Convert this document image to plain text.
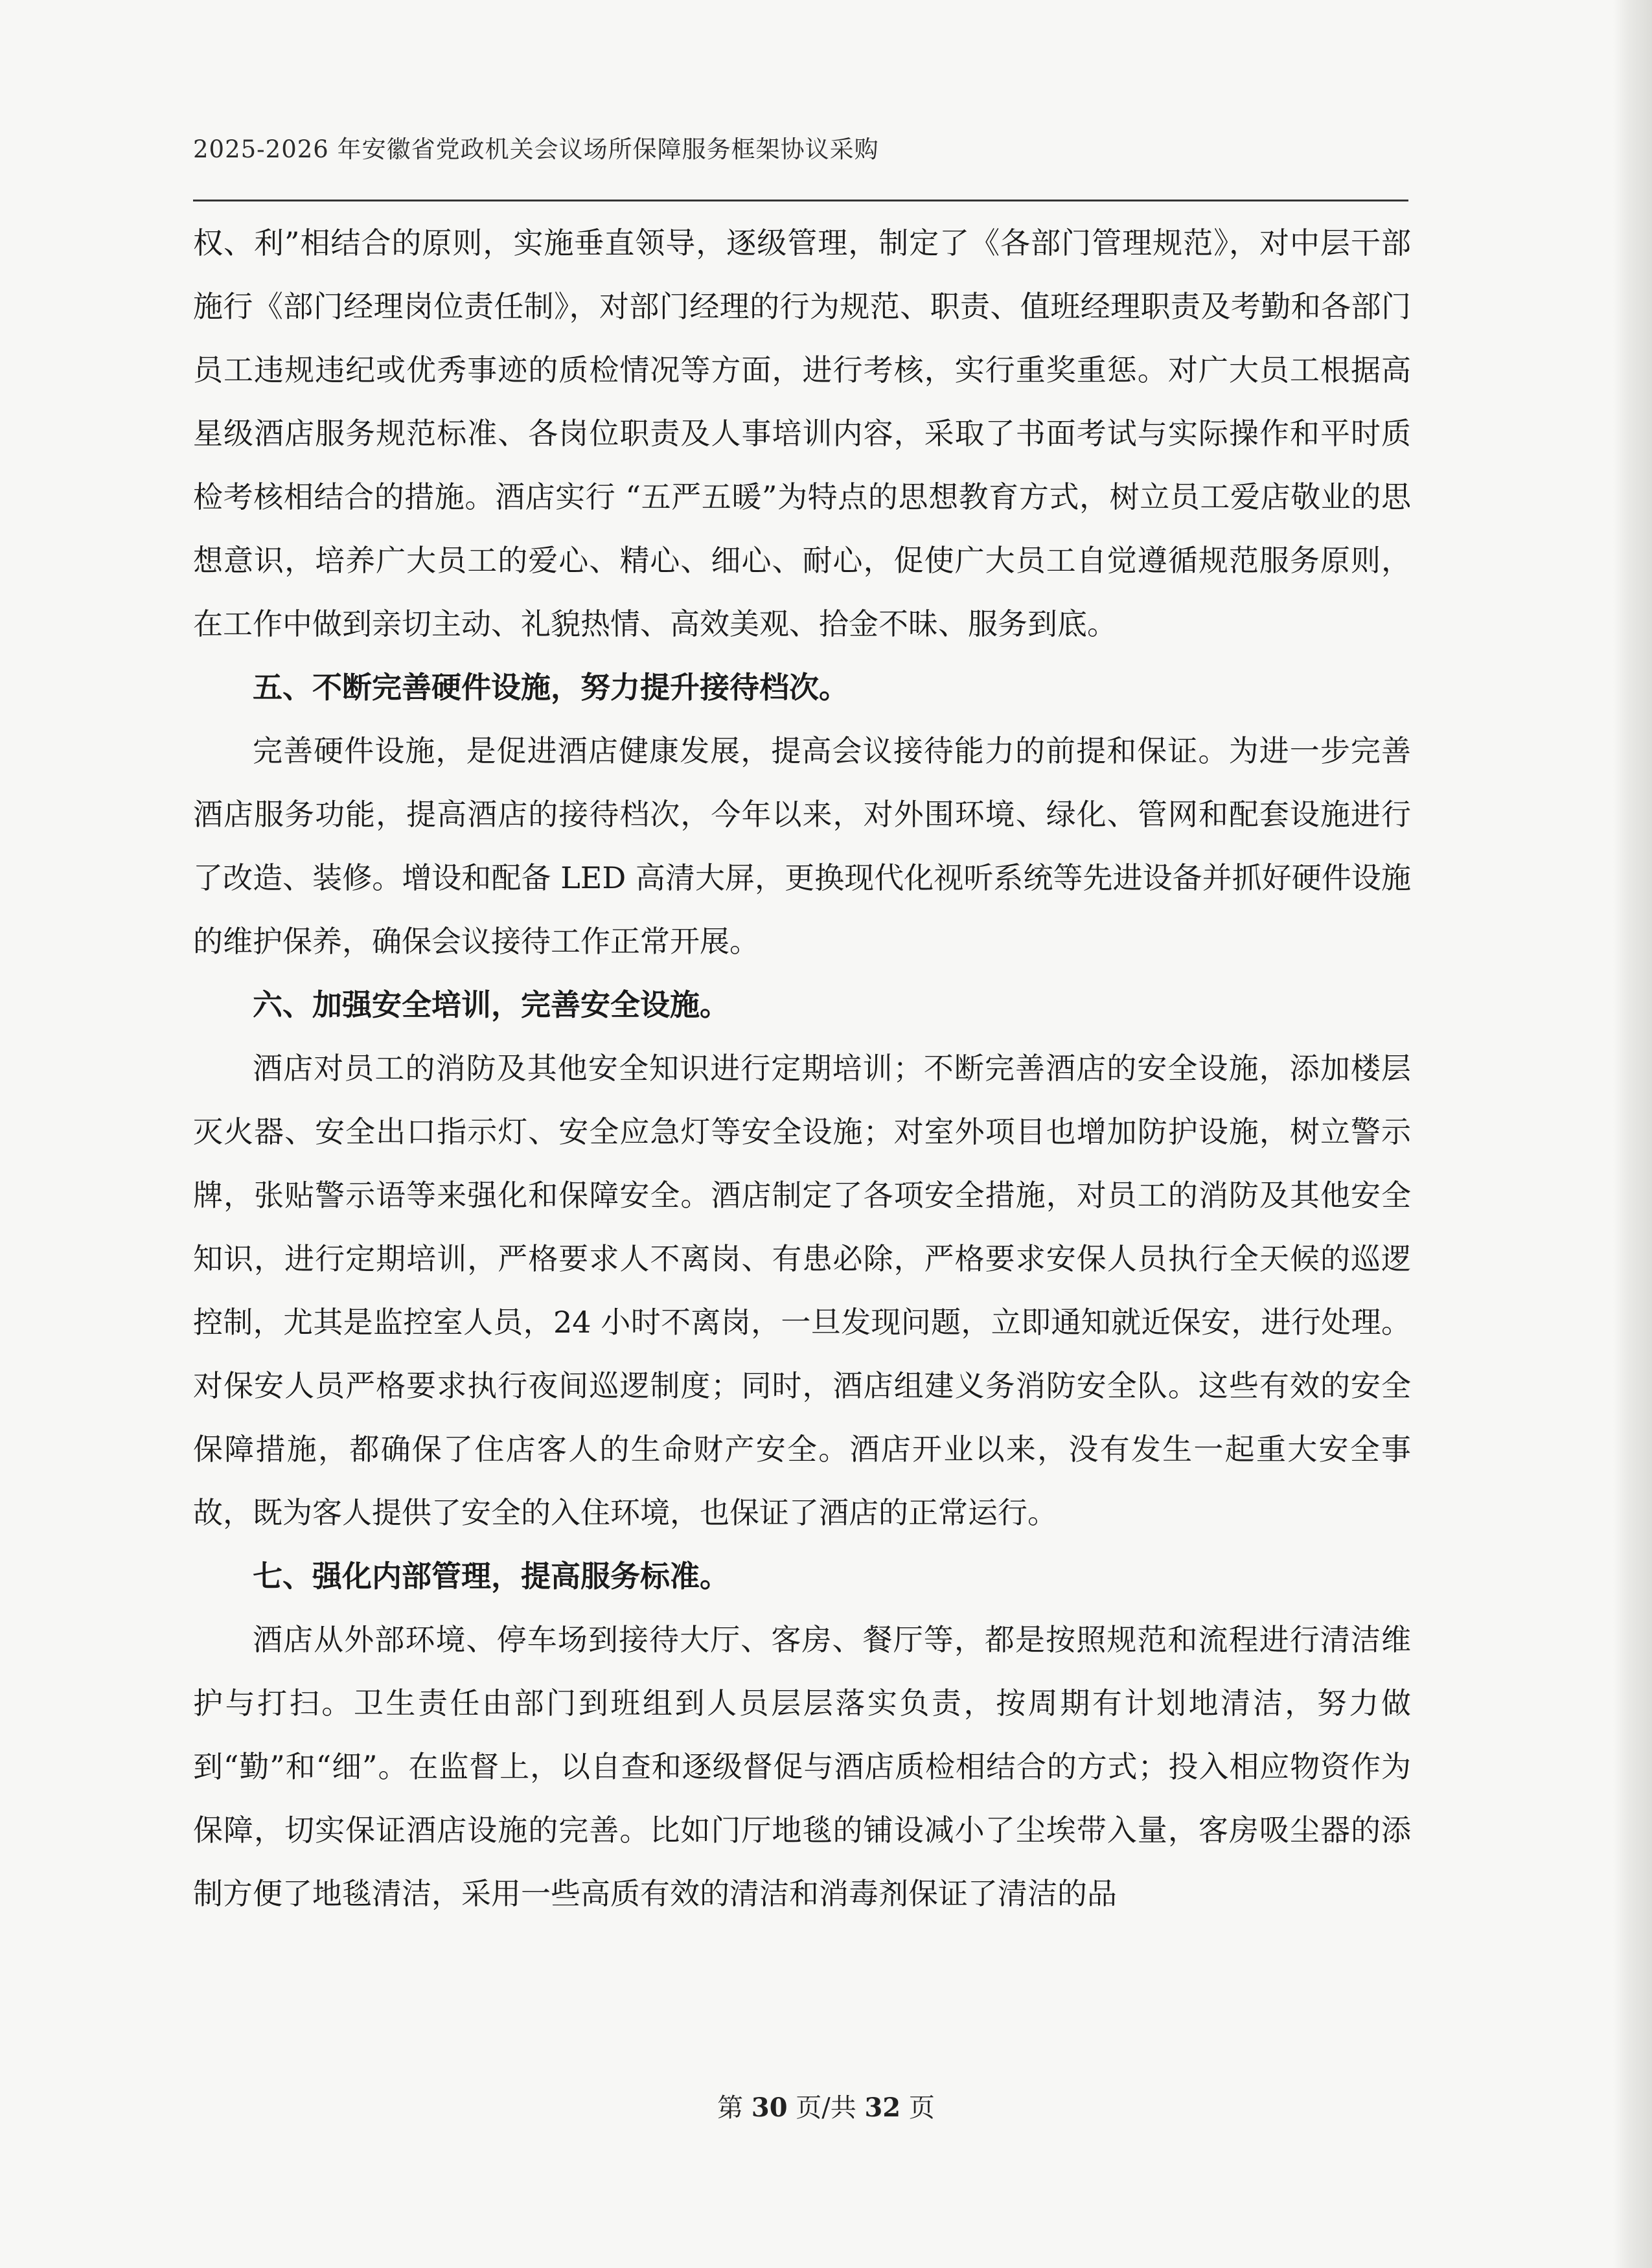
2025-2026 年安徽省党政机关会议场所保障服务框架协议采购

权、利”相结合的原则，实施垂直领导，逐级管理，制定了《各部门管理规范》，对中层干部施行《部门经理岗位责任制》，对部门经理的行为规范、职责、值班经理职责及考勤和各部门员工违规违纪或优秀事迹的质检情况等方面，进行考核，实行重奖重惩。对广大员工根据高星级酒店服务规范标准、各岗位职责及人事培训内容，采取了书面考试与实际操作和平时质检考核相结合的措施。酒店实行 “五严五暖”为特点的思想教育方式，树立员工爱店敬业的思想意识，培养广大员工的爱心、精心、细心、耐心，促使广大员工自觉遵循规范服务原则，在工作中做到亲切主动、礼貌热情、高效美观、拾金不昧、服务到底。

五、不断完善硬件设施，努力提升接待档次。

完善硬件设施，是促进酒店健康发展，提高会议接待能力的前提和保证。为进一步完善酒店服务功能，提高酒店的接待档次，今年以来，对外围环境、绿化、管网和配套设施进行了改造、装修。增设和配备 LED 高清大屏，更换现代化视听系统等先进设备并抓好硬件设施的维护保养，确保会议接待工作正常开展。

六、加强安全培训，完善安全设施。

酒店对员工的消防及其他安全知识进行定期培训；不断完善酒店的安全设施，添加楼层灭火器、安全出口指示灯、安全应急灯等安全设施；对室外项目也增加防护设施，树立警示牌，张贴警示语等来强化和保障安全。酒店制定了各项安全措施，对员工的消防及其他安全知识，进行定期培训，严格要求人不离岗、有患必除，严格要求安保人员执行全天候的巡逻控制，尤其是监控室人员，24 小时不离岗，一旦发现问题，立即通知就近保安，进行处理。对保安人员严格要求执行夜间巡逻制度；同时，酒店组建义务消防安全队。这些有效的安全保障措施，都确保了住店客人的生命财产安全。酒店开业以来，没有发生一起重大安全事故，既为客人提供了安全的入住环境，也保证了酒店的正常运行。

七、强化内部管理，提高服务标准。

酒店从外部环境、停车场到接待大厅、客房、餐厅等，都是按照规范和流程进行清洁维护与打扫。卫生责任由部门到班组到人员层层落实负责，按周期有计划地清洁，努力做到“勤”和“细”。在监督上，以自查和逐级督促与酒店质检相结合的方式；投入相应物资作为保障，切实保证酒店设施的完善。比如门厅地毯的铺设减小了尘埃带入量，客房吸尘器的添制方便了地毯清洁，采用一些高质有效的清洁和消毒剂保证了清洁的品

第 30 页/共 32 页
